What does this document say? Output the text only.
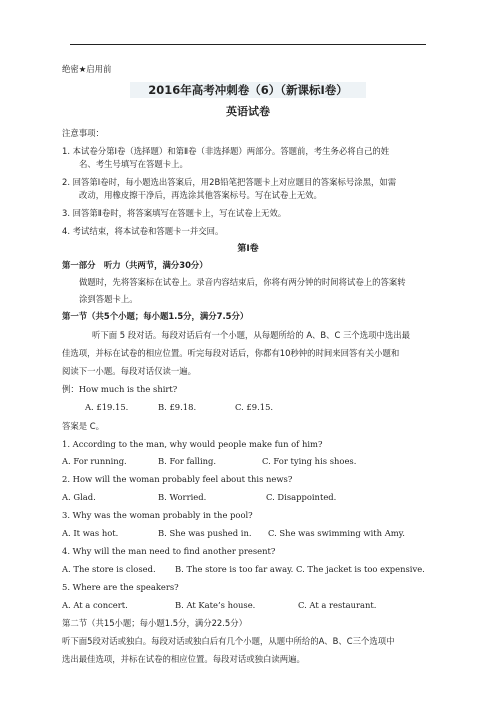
绝密★启用前
2016年高考冲刺卷（6）（新课标Ⅰ卷）
英语试卷
注意事项：
1. 本试卷分第Ⅰ卷（选择题）和第Ⅱ卷（非选择题）两部分。答题前，考生务必将自己的姓
名、考生号填写在答题卡上。
2. 回答第Ⅰ卷时，每小题选出答案后，用2B铅笔把答题卡上对应题目的答案标号涂黑，如需
改动，用橡皮擦干净后，再选涂其他答案标号。写在试卷上无效。
3. 回答第Ⅱ卷时，将答案填写在答题卡上，写在试卷上无效。
4. 考试结束，将本试卷和答题卡一并交回。
第Ⅰ卷
第一部分　听力（共两节，满分30分）
做题时，先将答案标在试卷上。录音内容结束后，你将有两分钟的时间将试卷上的答案转
涂到答题卡上。
第一节（共5个小题；每小题1.5分，满分7.5分）
听下面 5 段对话。每段对话后有一个小题，从每题所给的 A、B、C 三个选项中选出最
佳选项，并标在试卷的相应位置。听完每段对话后，你都有10秒钟的时间来回答有关小题和
阅读下一小题。每段对话仅读一遍。
例：How much is the shirt?
A. £19.15.	B. £9.18.	C. £9.15.
答案是 C。
1. According to the man, why would people make fun of him?
A. For running.	B. For falling.	C. For tying his shoes.
2. How will the woman probably feel about this news?
A. Glad.	B. Worried.	C. Disappointed.
3. Why was the woman probably in the pool?
A. It was hot.	B. She was pushed in. C. She was swimming with Amy.
4. Why will the man need to find another present?
A. The store is closed. B. The store is too far away. C. The jacket is too expensive.
5. Where are the speakers?
A. At a concert.	B. At Kate’s house.	C. At a restaurant.
第二节（共15小题；每小题1.5分，满分22.5分）
听下面5段对话或独白。每段对话或独白后有几个小题，从题中所给的A、B、C三个选项中
选出最佳选项，并标在试卷的相应位置。每段对话或独白读两遍。
